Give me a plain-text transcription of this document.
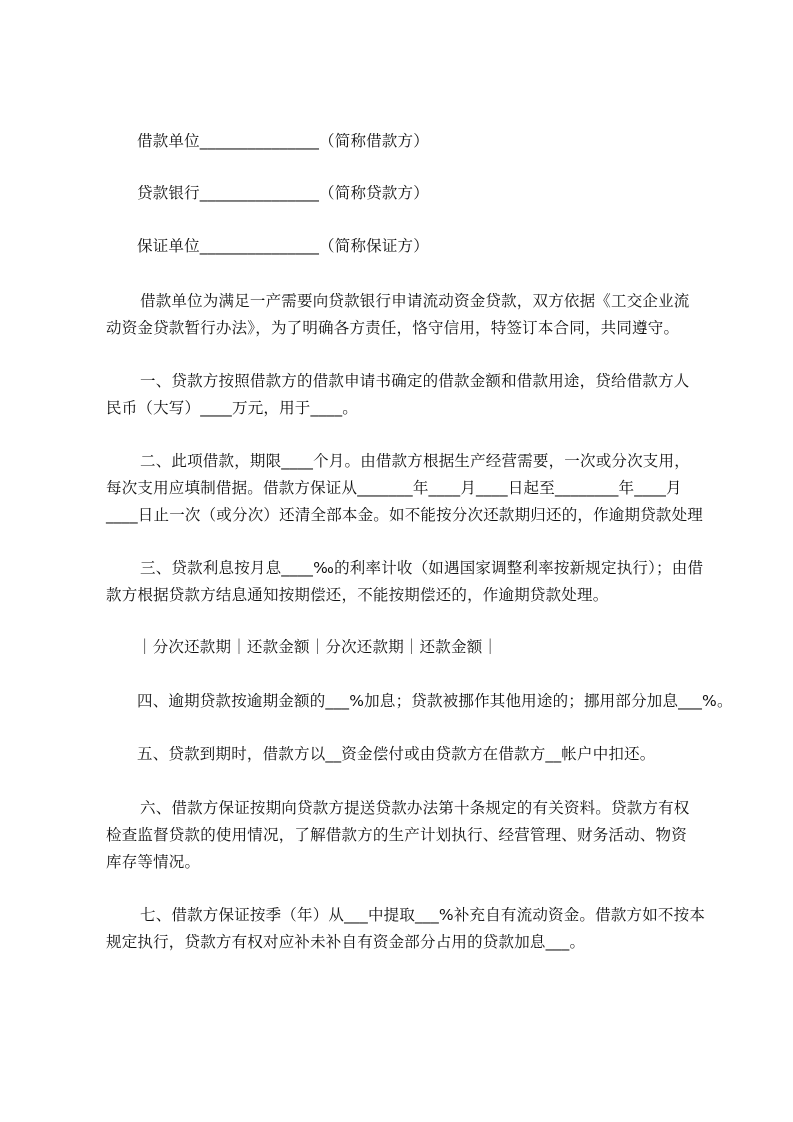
借款单位_______________（简称借款方）
贷款银行_______________（简称贷款方）
保证单位_______________（简称保证方）
借款单位为满足一产需要向贷款银行申请流动资金贷款，双方依据《工交企业流
动资金贷款暂行办法》，为了明确各方责任，恪守信用，特签订本合同，共同遵守。
一、贷款方按照借款方的借款申请书确定的借款金额和借款用途，贷给借款方人
民币（大写）____万元，用于____。
二、此项借款，期限____个月。由借款方根据生产经营需要，一次或分次支用，
每次支用应填制借据。借款方保证从_______年____月____日起至________年____月
____日止一次（或分次）还清全部本金。如不能按分次还款期归还的，作逾期贷款处理
三、贷款利息按月息____‰的利率计收（如遇国家调整利率按新规定执行）；由借
款方根据贷款方结息通知按期偿还，不能按期偿还的，作逾期贷款处理。
｜分次还款期｜还款金额｜分次还款期｜还款金额｜
四、逾期贷款按逾期金额的___%加息；贷款被挪作其他用途的；挪用部分加息___%。
五、贷款到期时，借款方以__资金偿付或由贷款方在借款方__帐户中扣还。
六、借款方保证按期向贷款方提送贷款办法第十条规定的有关资料。贷款方有权
检查监督贷款的使用情况，了解借款方的生产计划执行、经营管理、财务活动、物资
库存等情况。
七、借款方保证按季（年）从___中提取___%补充自有流动资金。借款方如不按本
规定执行，贷款方有权对应补未补自有资金部分占用的贷款加息___。
